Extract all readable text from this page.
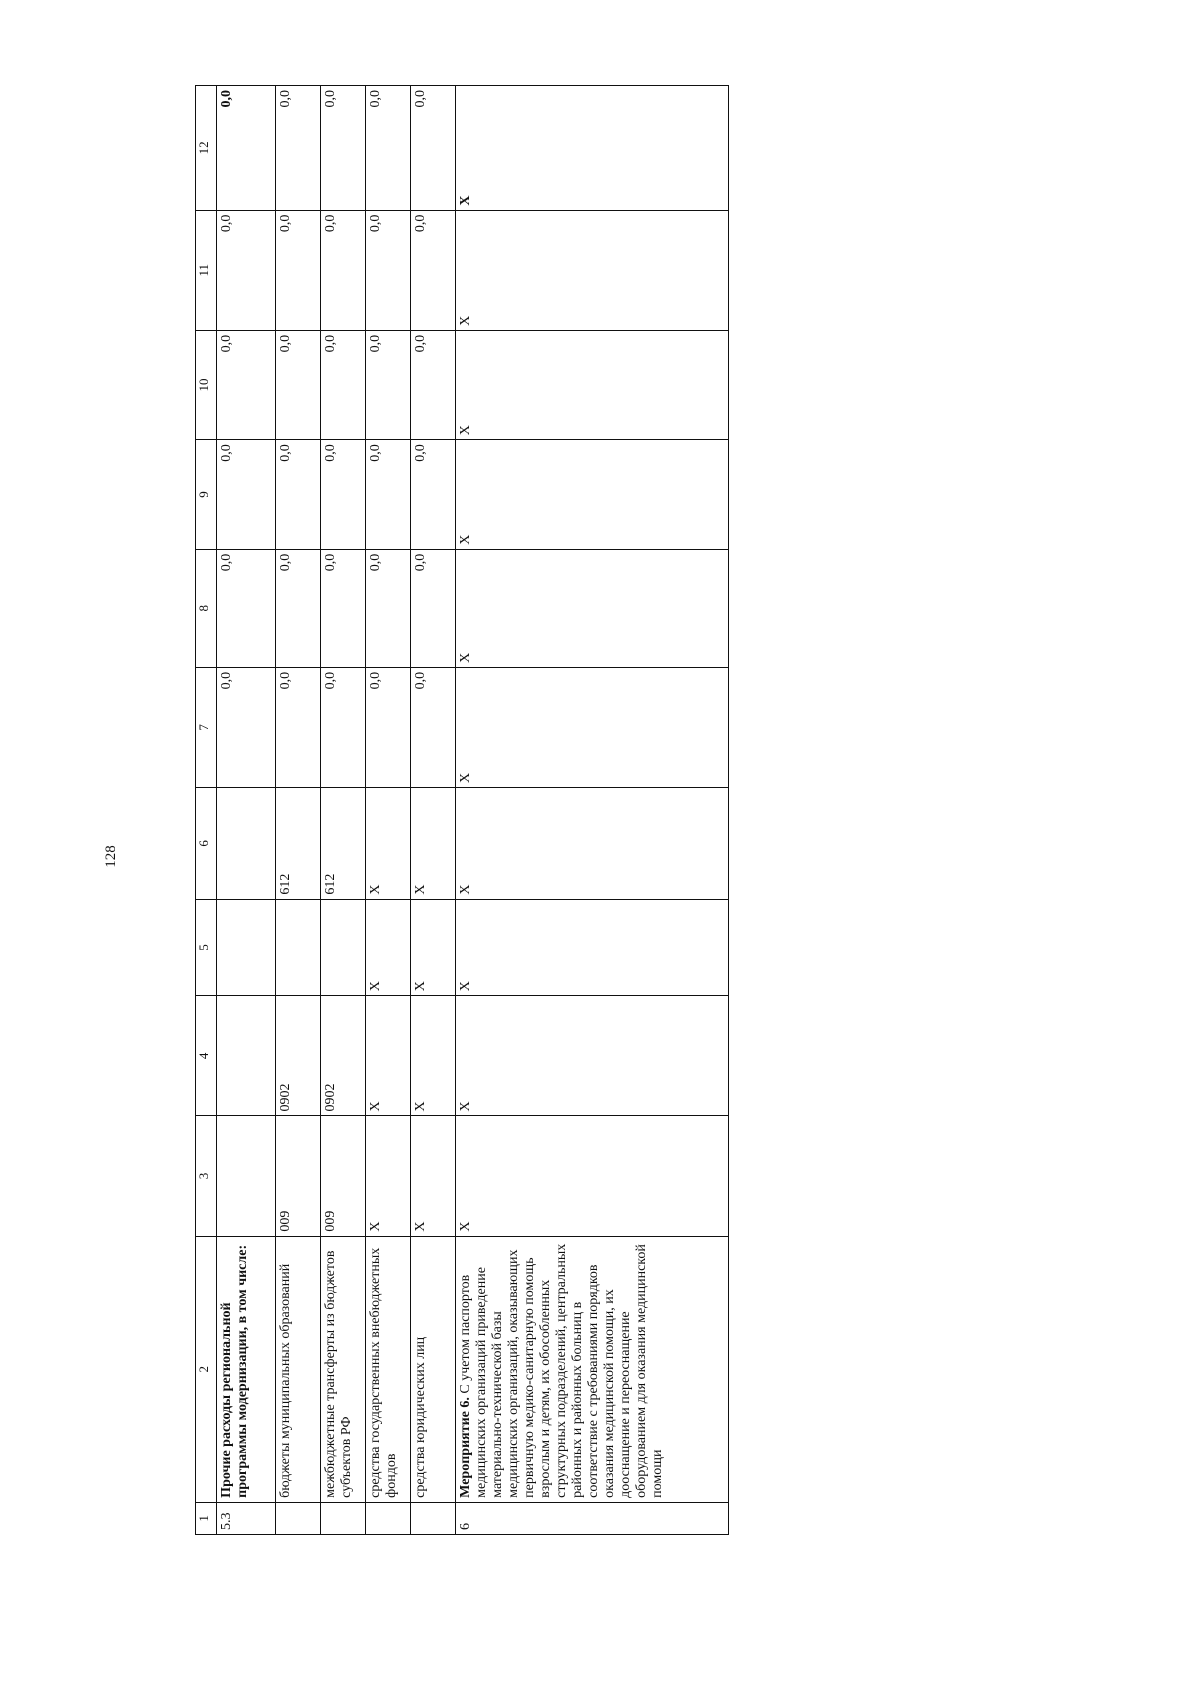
128
1	2	3	4	5	6	7	8	9	10	11	12
5.3	Прочие расходы региональной программы модернизации, в том числе:					0,0	0,0	0,0	0,0	0,0	0,0
	бюджеты муниципальных образований	009	0902		612	0,0	0,0	0,0	0,0	0,0	0,0
	межбюджетные трансферты из бюджетов субъектов РФ	009	0902		612	0,0	0,0	0,0	0,0	0,0	0,0
	средства государственных внебюджетных фондов	X	X	X	X	0,0	0,0	0,0	0,0	0,0	0,0
	средства юридических лиц	X	X	X	X	0,0	0,0	0,0	0,0	0,0	0,0
6	Мероприятие 6. С учетом паспортов медицинских организаций приведение материально-технической базы медицинских организаций, оказывающих первичную медико-санитарную помощь взрослым и детям, их обособленных структурных подразделений, центральных районных и районных больниц в соответствие с требованиями порядков оказания медицинской помощи, их дооснащение и переоснащение оборудованием для оказания медицинской помощи	X	X	X	X	X	X	X	X	X	X
